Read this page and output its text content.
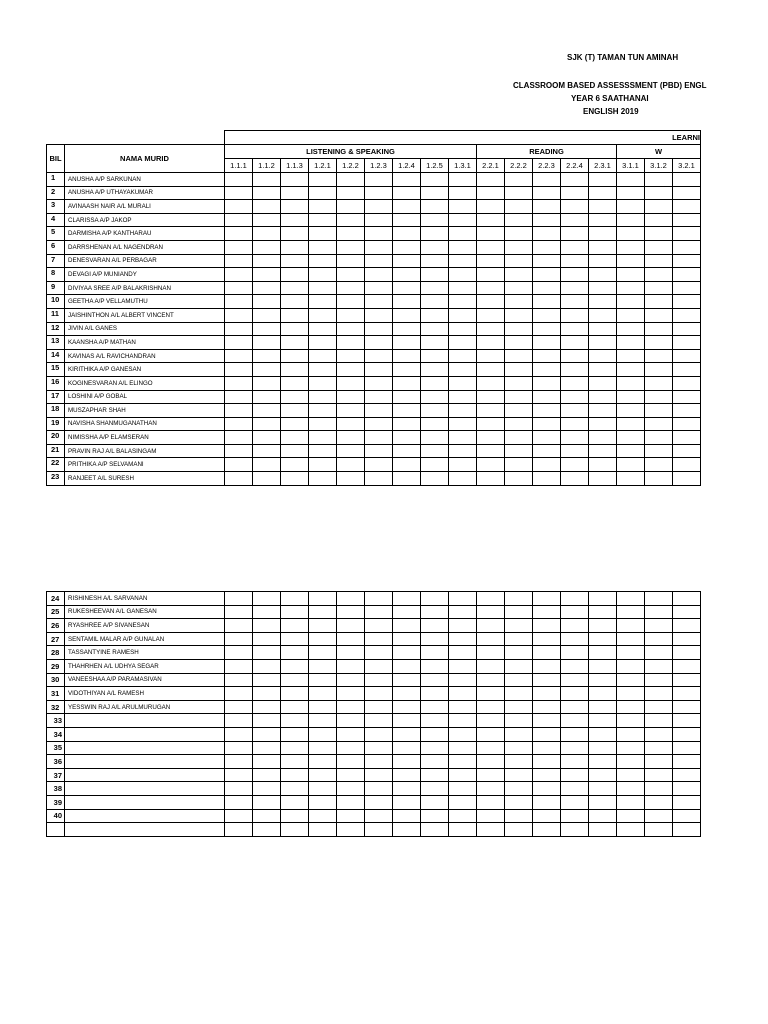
SJK (T) TAMAN TUN AMINAH
CLASSROOM BASED ASSESSSMENT (PBD) ENGL
YEAR 6 SAATHANAI
ENGLISH 2019
		LEARNI																
BIL	NAMA MURID	LISTENING & SPEAKING									READING					W		
		1.1.1	1.1.2	1.1.3	1.2.1	1.2.2	1.2.3	1.2.4	1.2.5	1.3.1	2.2.1	2.2.2	2.2.3	2.2.4	2.3.1	3.1.1	3.1.2	3.2.1
1	ANUSHA A/P SARKUNAN																	
2	ANUSHA A/P UTHAYAKUMAR																	
3	AVINAASH NAIR A/L MURALI																	
4	CLARISSA A/P JAKOP																	
5	DARMISHA A/P KANTHARAU																	
6	DARRSHENAN A/L NAGENDRAN																	
7	DENESVARAN A/L PERBAGAR																	
8	DEVAGI A/P MUNIANDY																	
9	DIVIYAA SREE A/P BALAKRISHNAN																	
10	GEETHA A/P VELLAMUTHU																	
11	JAISHINTHON A/L ALBERT VINCENT																	
12	JIVIN A/L GANES																	
13	KAANSHA A/P MATHAN																	
14	KAVINAS A/L RAVICHANDRAN																	
15	KIRITHIKA A/P GANESAN																	
16	KOGINESVARAN A/L ELINGO																	
17	LOSHINI A/P GOBAL																	
18	MUSZAPHAR SHAH																	
19	NAVISHA SHANMUGANATHAN																	
20	NIMISSHA A/P ELAMSERAN																	
21	PRAVIN RAJ A/L BALASINGAM																	
22	PRITHIKA A/P SELVAMANI																	
23	RANJEET A/L SURESH																	
24	RISHINESH A/L SARVANAN																	
25	RUKESHEEVAN A/L GANESAN																	
26	RYASHREE A/P SIVANESAN																	
27	SENTAMIL MALAR A/P GUNALAN																	
28	TASSANTYINE RAMESH																	
29	THAHRHEN A/L UDHYA SEGAR																	
30	VANEESHAA A/P PARAMASIVAN																	
31	VIDOTHIYAN A/L RAMESH																	
32	YESSWIN RAJ A/L ARULMURUGAN																	
33																		
34																		
35																		
36																		
37																		
38																		
39																		
40																		
